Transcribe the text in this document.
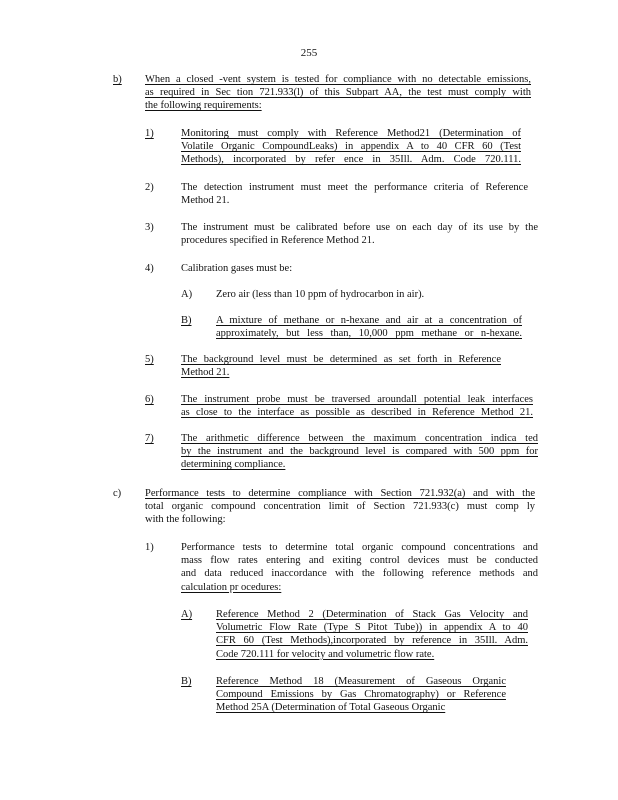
255
b) When a closed -vent system is tested for compliance with no detectable emissions,
as required in Sec tion 721.933(l) of this Subpart AA, the test must comply with
the following requirements:
1)	Monitoring must comply with Reference Method21 (Determination of
Volatile Organic CompoundLeaks) in appendix A to 40 CFR 60 (Test
Methods), incorporated by refer ence in 35Ill. Adm. Code 720.111.
2)	The detection instrument must meet the performance criteria of Reference
Method 21.
3)	The instrument must be calibrated before use on each day of its use by the
procedures specified in Reference Method 21.
4)	Calibration gases must be:
A) Zero air (less than 10 ppm of hydrocarbon in air).
B) A mixture of methane or n-hexane and air at a concentration of
approximately, but less than, 10,000 ppm methane or n-hexane.
5)	The background level must be determined as set forth in Reference
Method 21.
6)	The instrument probe must be traversed aroundall potential leak interfaces
as close to the interface as possible as described in Reference Method 21.
7)	The arithmetic difference between the maximum concentration indica ted
by the instrument and the background level is compared with 500 ppm for
determining compliance.
c) Performance tests to determine compliance with Section 721.932(a) and with the
total organic compound concentration limit of Section 721.933(c) must comp ly
with the following:
1)	Performance tests to determine total organic compound concentrations and
mass flow rates entering and exiting control devices must be conducted
and data reduced inaccordance with the following reference methods and
calculation pr ocedures:
A) Reference Method 2 (Determination of Stack Gas Velocity and
Volumetric Flow Rate (Type S Pitot Tube)) in appendix A to 40
CFR 60 (Test Methods),incorporated by reference in 35Ill. Adm.
Code 720.111 for velocity and volumetric flow rate.
B) Reference Method 18 (Measurement of Gaseous Organic
Compound Emissions by Gas Chromatography) or Reference
Method 25A (Determination of Total Gaseous Organic
